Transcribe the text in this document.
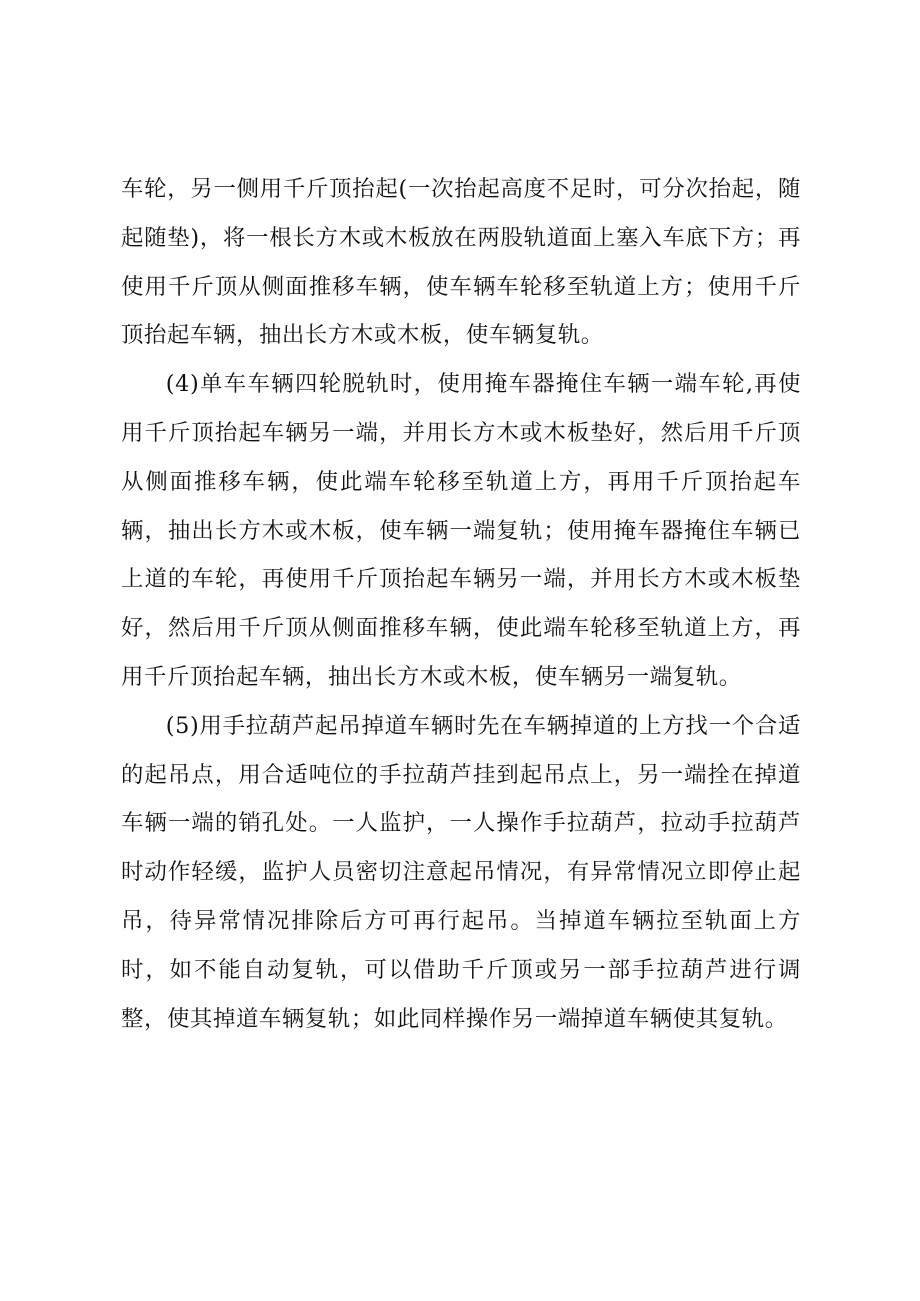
车轮，另一侧用千斤顶抬起(一次抬起高度不足时，可分次抬起，随起随垫)，将一根长方木或木板放在两股轨道面上塞入车底下方；再使用千斤顶从侧面推移车辆，使车辆车轮移至轨道上方；使用千斤顶抬起车辆，抽出长方木或木板，使车辆复轨。

(4)单车车辆四轮脱轨时，使用掩车器掩住车辆一端车轮,再使用千斤顶抬起车辆另一端，并用长方木或木板垫好，然后用千斤顶从侧面推移车辆，使此端车轮移至轨道上方，再用千斤顶抬起车辆，抽出长方木或木板，使车辆一端复轨；使用掩车器掩住车辆已上道的车轮，再使用千斤顶抬起车辆另一端，并用长方木或木板垫好，然后用千斤顶从侧面推移车辆，使此端车轮移至轨道上方，再用千斤顶抬起车辆，抽出长方木或木板，使车辆另一端复轨。

(5)用手拉葫芦起吊掉道车辆时先在车辆掉道的上方找一个合适的起吊点，用合适吨位的手拉葫芦挂到起吊点上，另一端拴在掉道车辆一端的销孔处。一人监护，一人操作手拉葫芦，拉动手拉葫芦时动作轻缓，监护人员密切注意起吊情况，有异常情况立即停止起吊，待异常情况排除后方可再行起吊。当掉道车辆拉至轨面上方时，如不能自动复轨，可以借助千斤顶或另一部手拉葫芦进行调整，使其掉道车辆复轨；如此同样操作另一端掉道车辆使其复轨。
